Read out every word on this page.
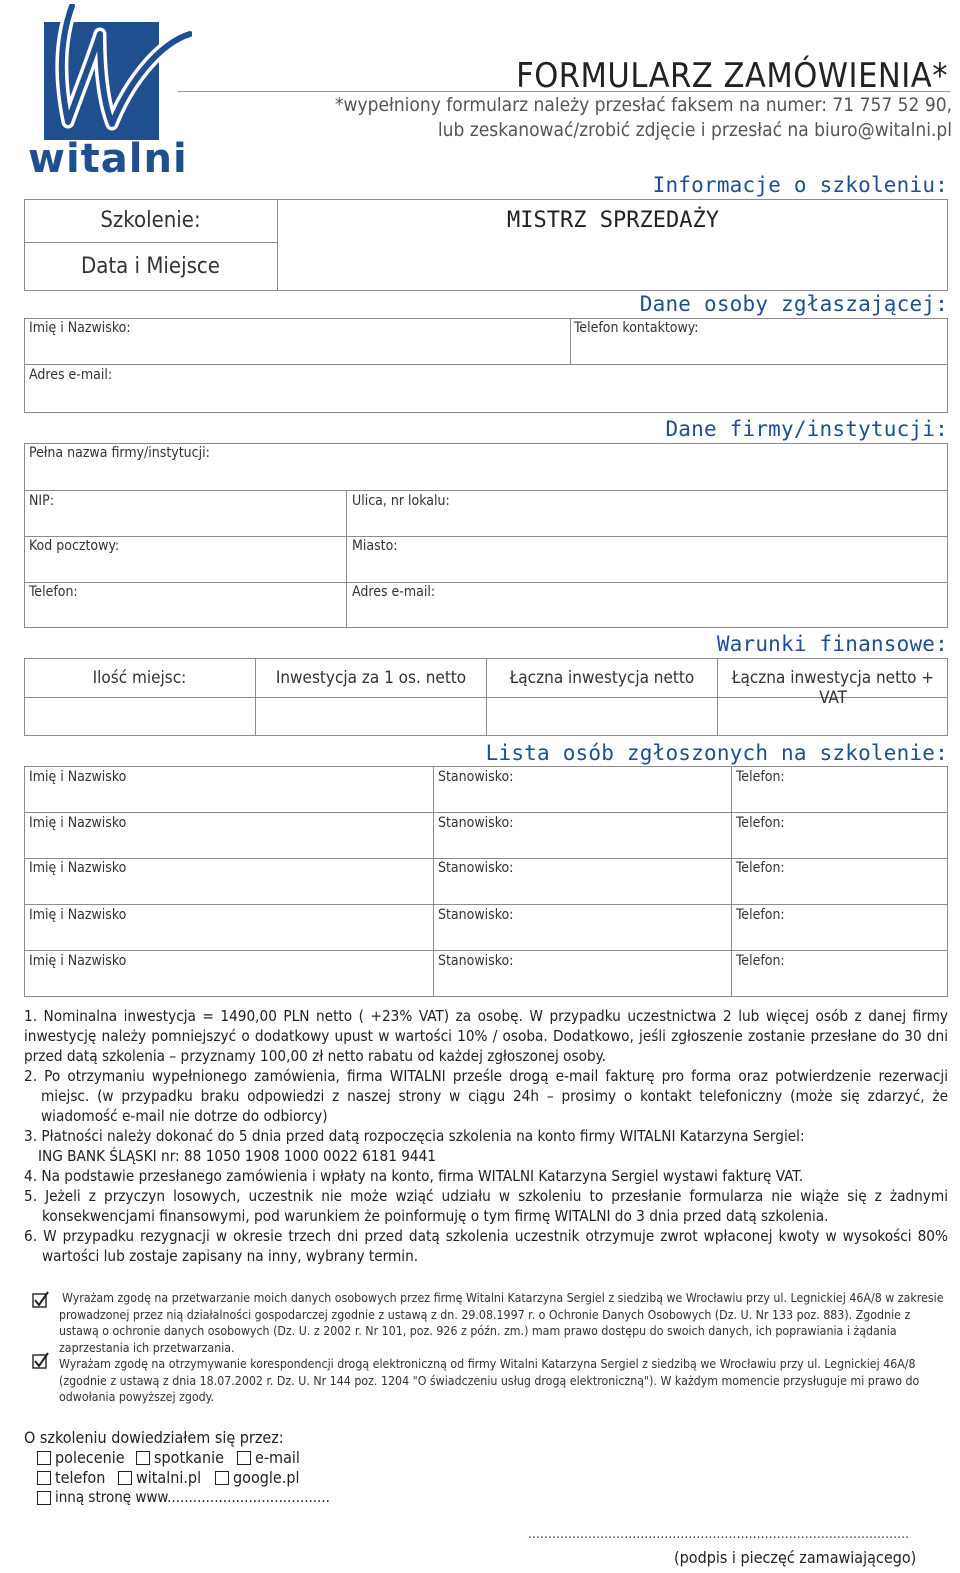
witalni
FORMULARZ ZAMÓWIENIA*
*wypełniony formularz należy przesłać faksem na numer: 71 757 52 90,
lub zeskanować/zrobić zdjęcie i przesłać na biuro@witalni.pl
Informacje o szkoleniu:
Szkolenie:	MISTRZ SPRZEDAŻY
Data i Miejsce
Dane osoby zgłaszającej:
Imię i Nazwisko:	Telefon kontaktowy:
Adres e-mail:
Dane firmy/instytucji:
Pełna nazwa firmy/instytucji:
NIP:	Ulica, nr lokalu:
Kod pocztowy:	Miasto:
Telefon:	Adres e-mail:
Warunki finansowe:
Ilość miejsc:	Inwestycja za 1 os. netto	Łączna inwestycja netto	Łączna inwestycja netto + VAT
Lista osób zgłoszonych na szkolenie:
Imię i Nazwisko	Stanowisko:	Telefon:
Imię i Nazwisko	Stanowisko:	Telefon:
Imię i Nazwisko	Stanowisko:	Telefon:
Imię i Nazwisko	Stanowisko:	Telefon:
Imię i Nazwisko	Stanowisko:	Telefon:

1. Nominalna inwestycja = 1490,00 PLN netto ( +23% VAT) za osobę. W przypadku uczestnictwa 2 lub więcej osób z danej firmy inwestycję należy pomniejszyć o dodatkowy upust w wartości 10% / osoba. Dodatkowo, jeśli zgłoszenie zostanie przesłane do 30 dni przed datą szkolenia – przyznamy 100,00 zł netto rabatu od każdej zgłoszonej osoby.

2. Po otrzymaniu wypełnionego zamówienia, firma WITALNI prześle drogą e-mail fakturę pro forma oraz potwierdzenie rezerwacji miejsc. (w przypadku braku odpowiedzi z naszej strony w ciągu 24h – prosimy o kontakt telefoniczny (może się zdarzyć, że wiadomość e-mail nie dotrze do odbiorcy)

3. Płatności należy dokonać do 5 dnia przed datą rozpoczęcia szkolenia na konto firmy WITALNI Katarzyna Sergiel:

ING BANK ŚLĄSKI nr: 88 1050 1908 1000 0022 6181 9441

4. Na podstawie przesłanego zamówienia i wpłaty na konto, firma WITALNI Katarzyna Sergiel wystawi fakturę VAT.

5. Jeżeli z przyczyn losowych, uczestnik nie może wziąć udziału w szkoleniu to przesłanie formularza nie wiąże się z żadnymi konsekwencjami finansowymi, pod warunkiem że poinformuję o tym firmę WITALNI do 3 dnia przed datą szkolenia.

6. W przypadku rezygnacji w okresie trzech dni przed datą szkolenia uczestnik otrzymuje zwrot wpłaconej kwoty w wysokości 80% wartości lub zostaje zapisany na inny, wybrany termin.

Wyrażam zgodę na przetwarzanie moich danych osobowych przez firmę Witalni Katarzyna Sergiel z siedzibą we Wrocławiu przy ul. Legnickiej 46A/8 w zakresie prowadzonej przez nią działalności gospodarczej zgodnie z ustawą z dn. 29.08.1997 r. o Ochronie Danych Osobowych (Dz. U. Nr 133 poz. 883). Zgodnie z ustawą o ochronie danych osobowych (Dz. U. z 2002 r. Nr 101, poz. 926 z późn. zm.) mam prawo dostępu do swoich danych, ich poprawiania i żądania zaprzestania ich przetwarzania.
Wyrażam zgodę na otrzymywanie korespondencji drogą elektroniczną od firmy Witalni Katarzyna Sergiel z siedzibą we Wrocławiu przy ul. Legnickiej 46A/8 (zgodnie z ustawą z dnia 18.07.2002 r. Dz. U. Nr 144 poz. 1204 "O świadczeniu usług drogą elektroniczną"). W każdym momencie przysługuje mi prawo do odwołania powyższej zgody.
O szkoleniu dowiedziałem się przez:
polecenie spotkanie e-mail
telefon witalni.pl google.pl
inną stronę www......................................
...............................................................................................
(podpis i pieczęć zamawiającego)
